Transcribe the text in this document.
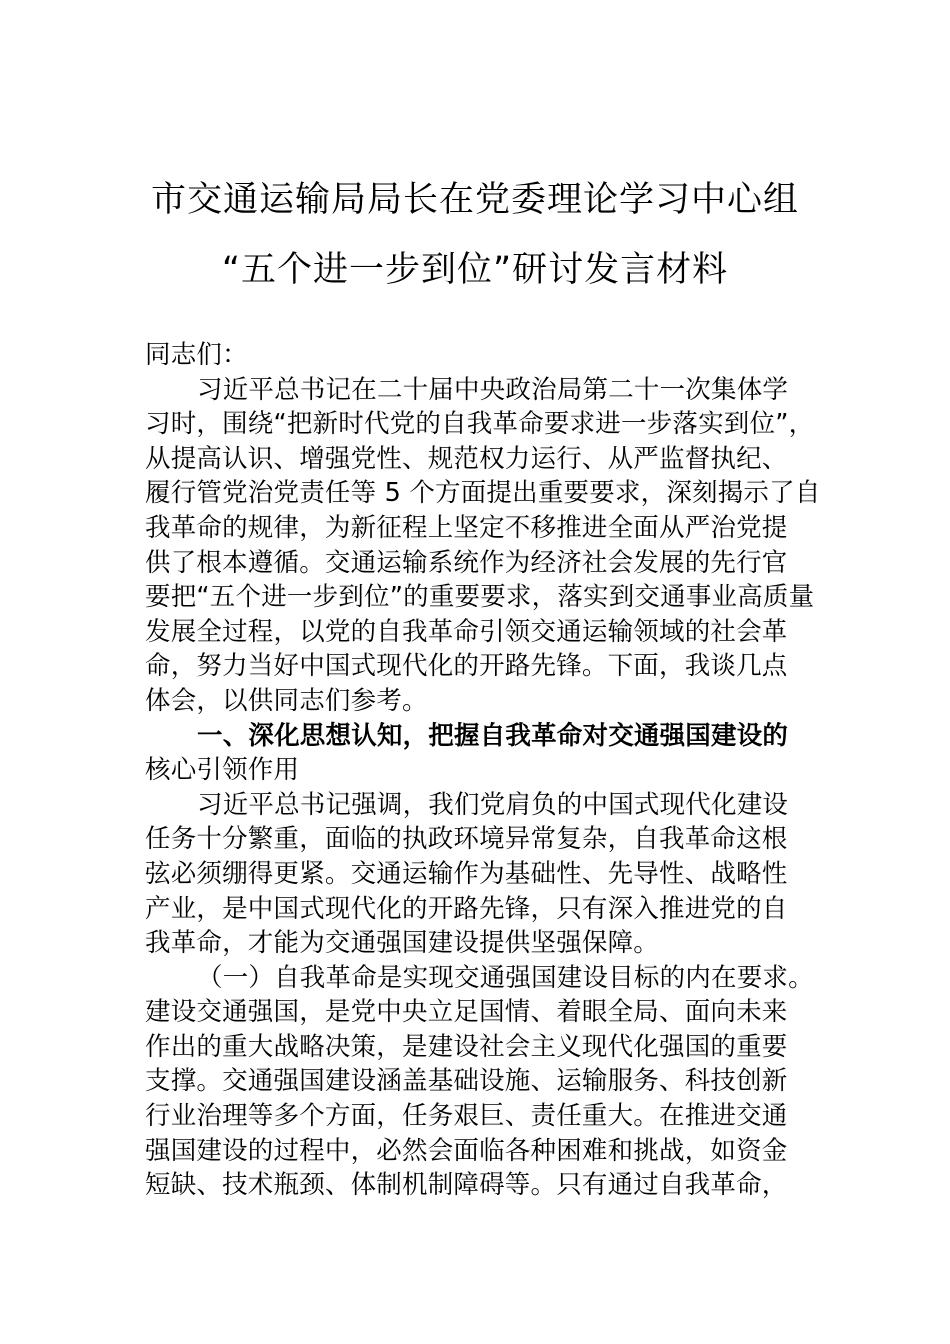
市交通运输局局长在党委理论学习中心组
“五个进一步到位”研讨发言材料
同志们：
习近平总书记在二十届中央政治局第二十一次集体学
习时，围绕“把新时代党的自我革命要求进一步落实到位”，
从提高认识、增强党性、规范权力运行、从严监督执纪、
履行管党治党责任等 5 个方面提出重要要求，深刻揭示了自
我革命的规律，为新征程上坚定不移推进全面从严治党提
供了根本遵循。交通运输系统作为经济社会发展的先行官
要把“五个进一步到位”的重要要求，落实到交通事业高质量
发展全过程，以党的自我革命引领交通运输领域的社会革
命，努力当好中国式现代化的开路先锋。下面，我谈几点
体会，以供同志们参考。
一、深化思想认知，把握自我革命对交通强国建设的
核心引领作用
习近平总书记强调，我们党肩负的中国式现代化建设
任务十分繁重，面临的执政环境异常复杂，自我革命这根
弦必须绷得更紧。交通运输作为基础性、先导性、战略性
产业，是中国式现代化的开路先锋，只有深入推进党的自
我革命，才能为交通强国建设提供坚强保障。
（一）自我革命是实现交通强国建设目标的内在要求。
建设交通强国，是党中央立足国情、着眼全局、面向未来
作出的重大战略决策，是建设社会主义现代化强国的重要
支撑。交通强国建设涵盖基础设施、运输服务、科技创新
行业治理等多个方面，任务艰巨、责任重大。在推进交通
强国建设的过程中，必然会面临各种困难和挑战，如资金
短缺、技术瓶颈、体制机制障碍等。只有通过自我革命，
